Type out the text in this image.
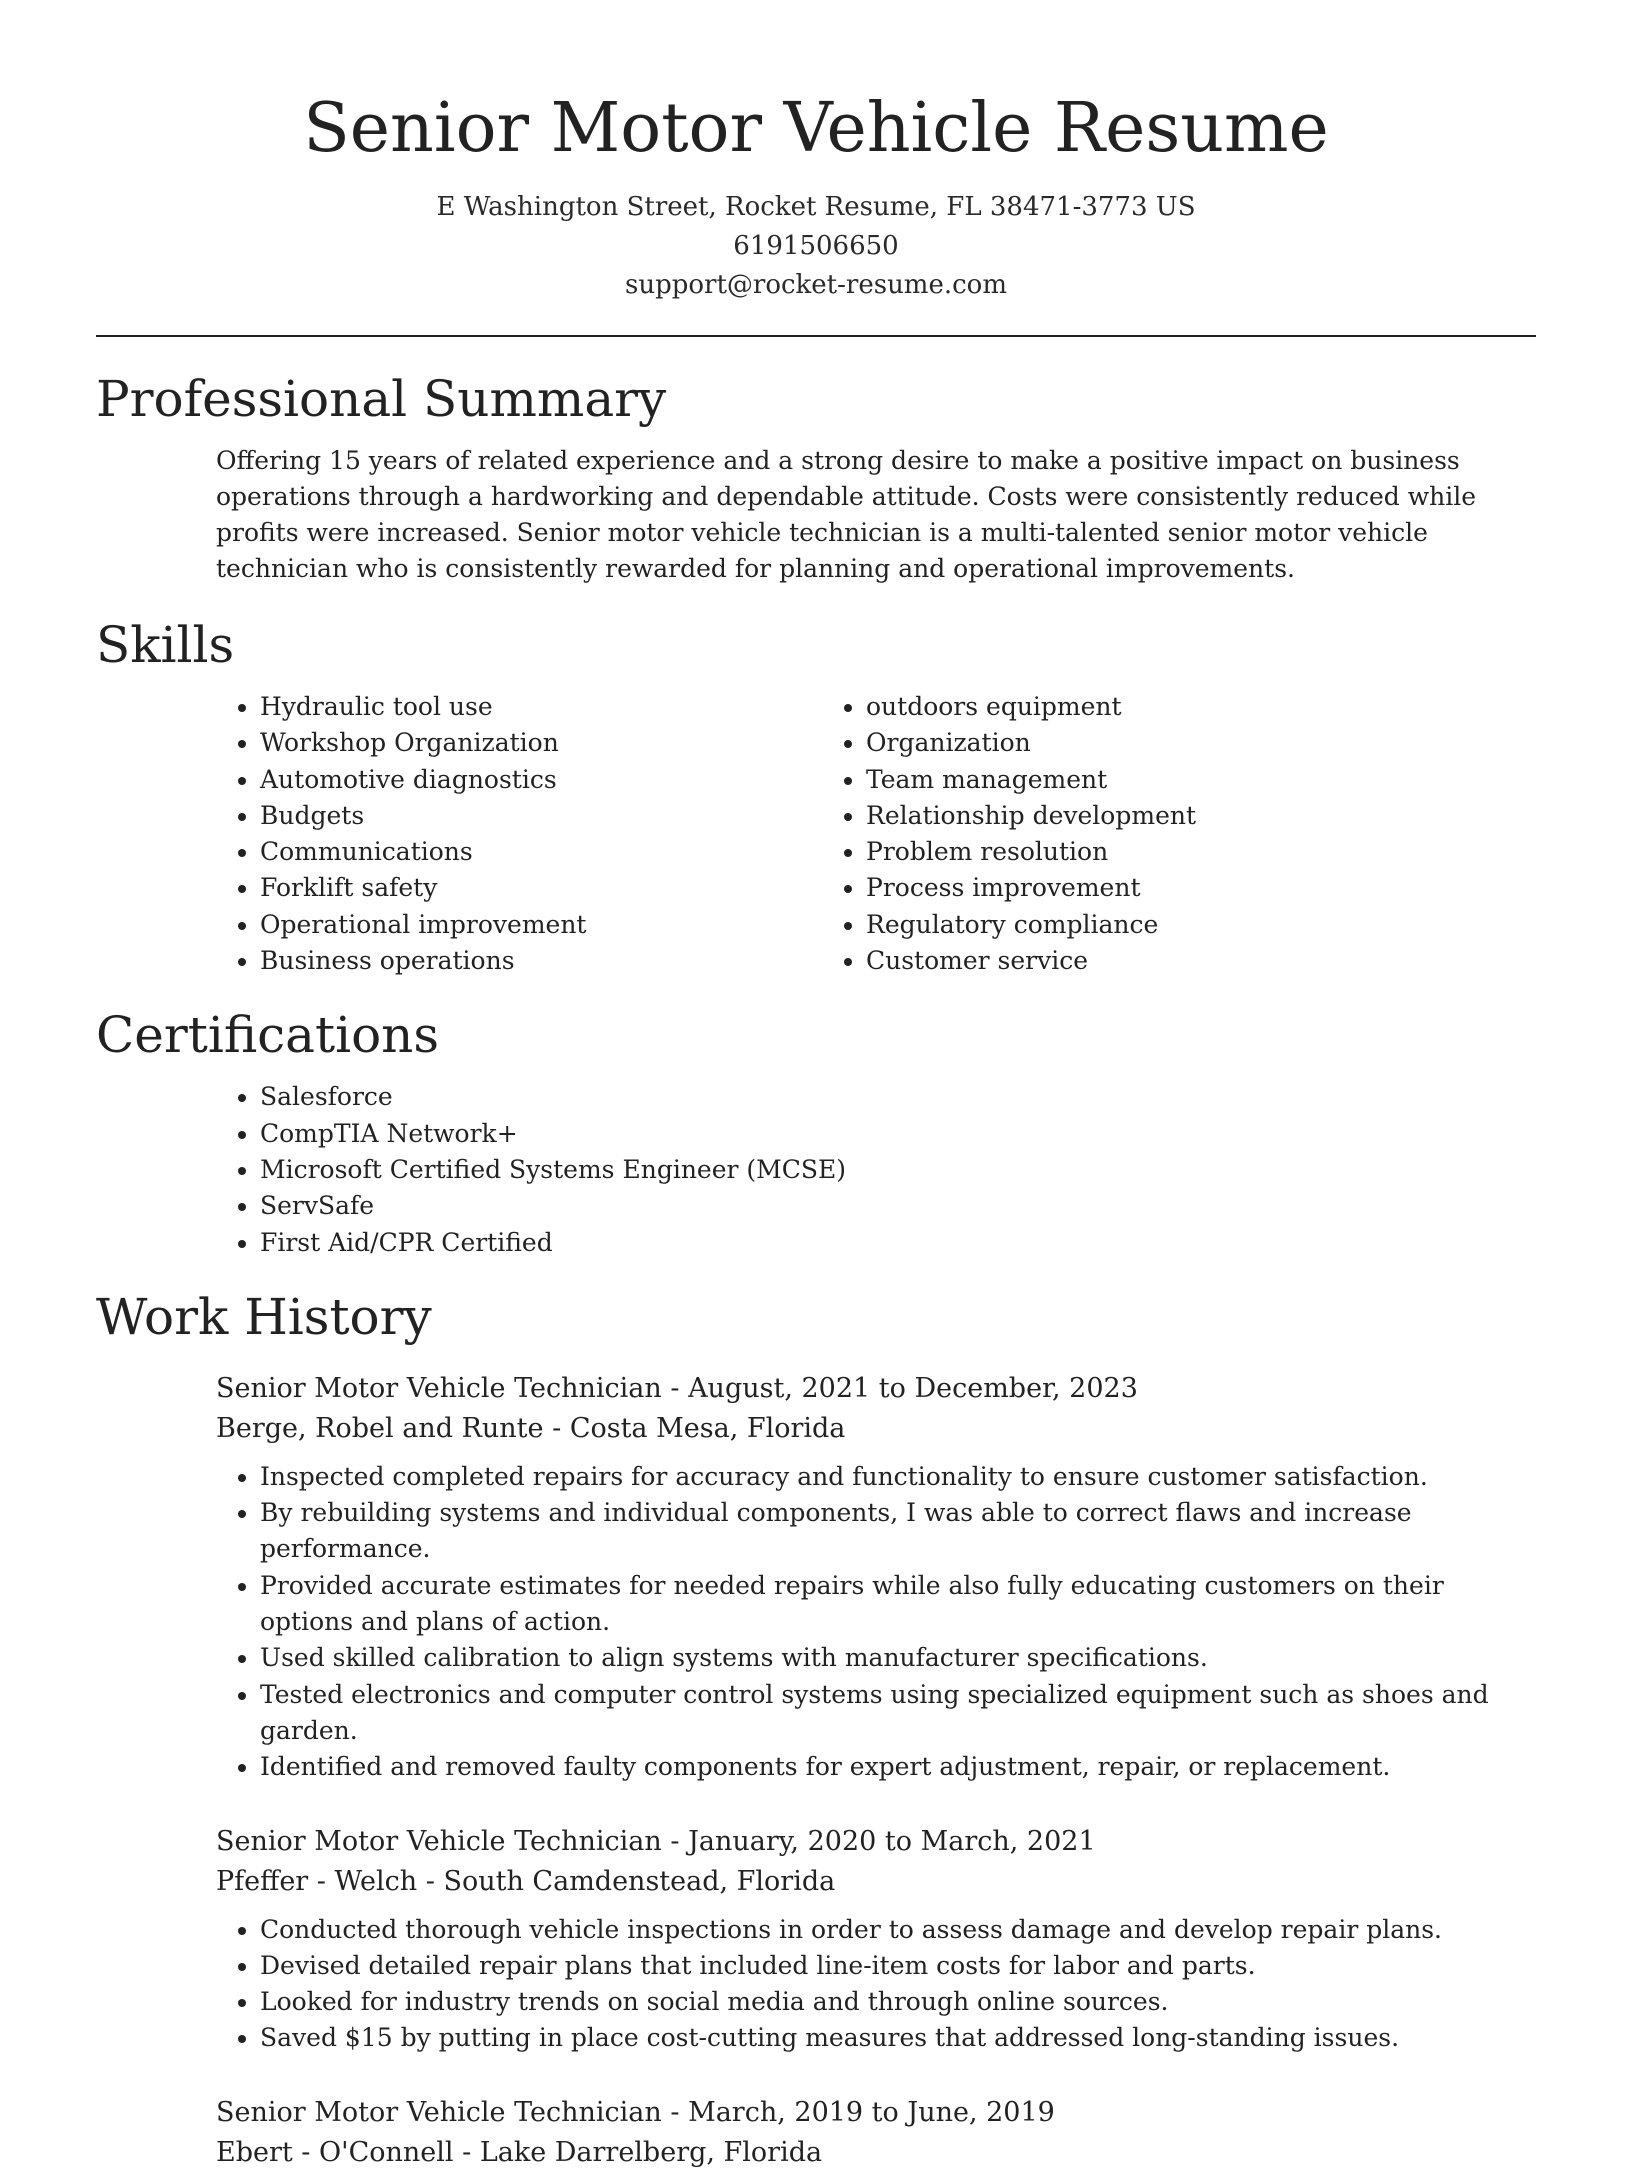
Senior Motor Vehicle Resume
E Washington Street, Rocket Resume, FL 38471-3773 US
6191506650
support@rocket-resume.com
Professional Summary

Offering 15 years of related experience and a strong desire to make a positive impact on business operations through a hardworking and dependable attitude. Costs were consistently reduced while profits were increased. Senior motor vehicle technician is a multi-talented senior motor vehicle technician who is consistently rewarded for planning and operational improvements.

Skills
• Hydraulic tool use
• Workshop Organization
• Automotive diagnostics
• Budgets
• Communications
• Forklift safety
• Operational improvement
• Business operations
• outdoors equipment
• Organization
• Team management
• Relationship development
• Problem resolution
• Process improvement
• Regulatory compliance
• Customer service
Certifications
• Salesforce
• CompTIA Network+
• Microsoft Certified Systems Engineer (MCSE)
• ServSafe
• First Aid/CPR Certified
Work History
Senior Motor Vehicle Technician - August, 2021 to December, 2023
Berge, Robel and Runte - Costa Mesa, Florida
• Inspected completed repairs for accuracy and functionality to ensure customer satisfaction.
• By rebuilding systems and individual components, I was able to correct flaws and increase performance.
• Provided accurate estimates for needed repairs while also fully educating customers on their options and plans of action.
• Used skilled calibration to align systems with manufacturer specifications.
• Tested electronics and computer control systems using specialized equipment such as shoes and garden.
• Identified and removed faulty components for expert adjustment, repair, or replacement.
Senior Motor Vehicle Technician - January, 2020 to March, 2021
Pfeffer - Welch - South Camdenstead, Florida
• Conducted thorough vehicle inspections in order to assess damage and develop repair plans.
• Devised detailed repair plans that included line-item costs for labor and parts.
• Looked for industry trends on social media and through online sources.
• Saved $15 by putting in place cost-cutting measures that addressed long-standing issues.
Senior Motor Vehicle Technician - March, 2019 to June, 2019
Ebert - O'Connell - Lake Darrelberg, Florida
